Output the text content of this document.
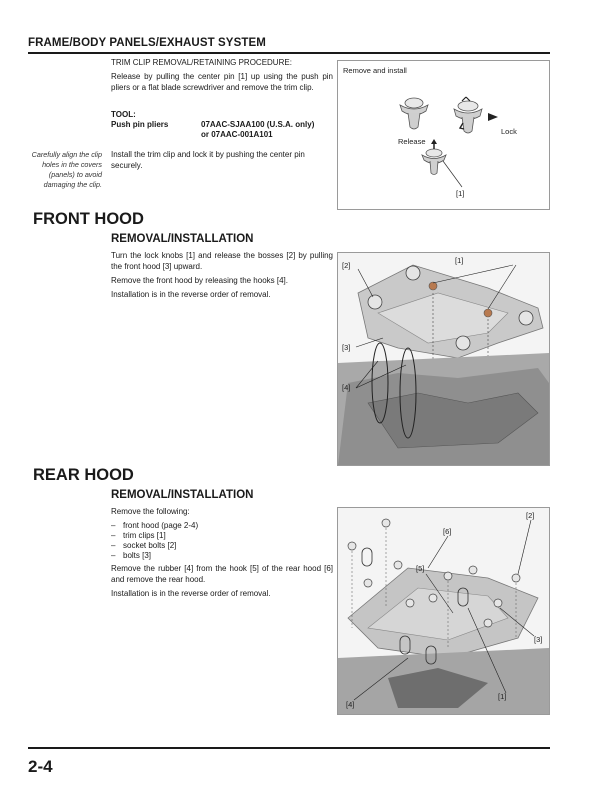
FRAME/BODY PANELS/EXHAUST SYSTEM
TRIM CLIP REMOVAL/RETAINING PROCEDURE:
Release by pulling the center pin [1] up using the push pin pliers or a flat blade screwdriver and remove the trim clip.
TOOL:
Push pin pliers	07AAC-SJAA100 (U.S.A. only)
or 07AAC-001A101
Carefully align the clip holes in the covers (panels) to avoid damaging the clip.
Install the trim clip and lock it by pushing the center pin securely.
Remove and install
Release
Lock
[1]
FRONT HOOD
REMOVAL/INSTALLATION
Turn the lock knobs [1] and release the bosses [2] by pulling the front hood [3] upward.
Remove the front hood by releasing the hooks [4].
Installation is in the reverse order of removal.
[1]
[2]
[3]
[4]
REAR HOOD
REMOVAL/INSTALLATION
Remove the following:
– front hood (page 2-4)
– trim clips [1]
– socket bolts [2]
– bolts [3]
Remove the rubber [4] from the hook [5] of the rear hood [6] and remove the rear hood.
Installation is in the reverse order of removal.
[2]
[6]
[5]
[3]
[1]
[4]
2-4
